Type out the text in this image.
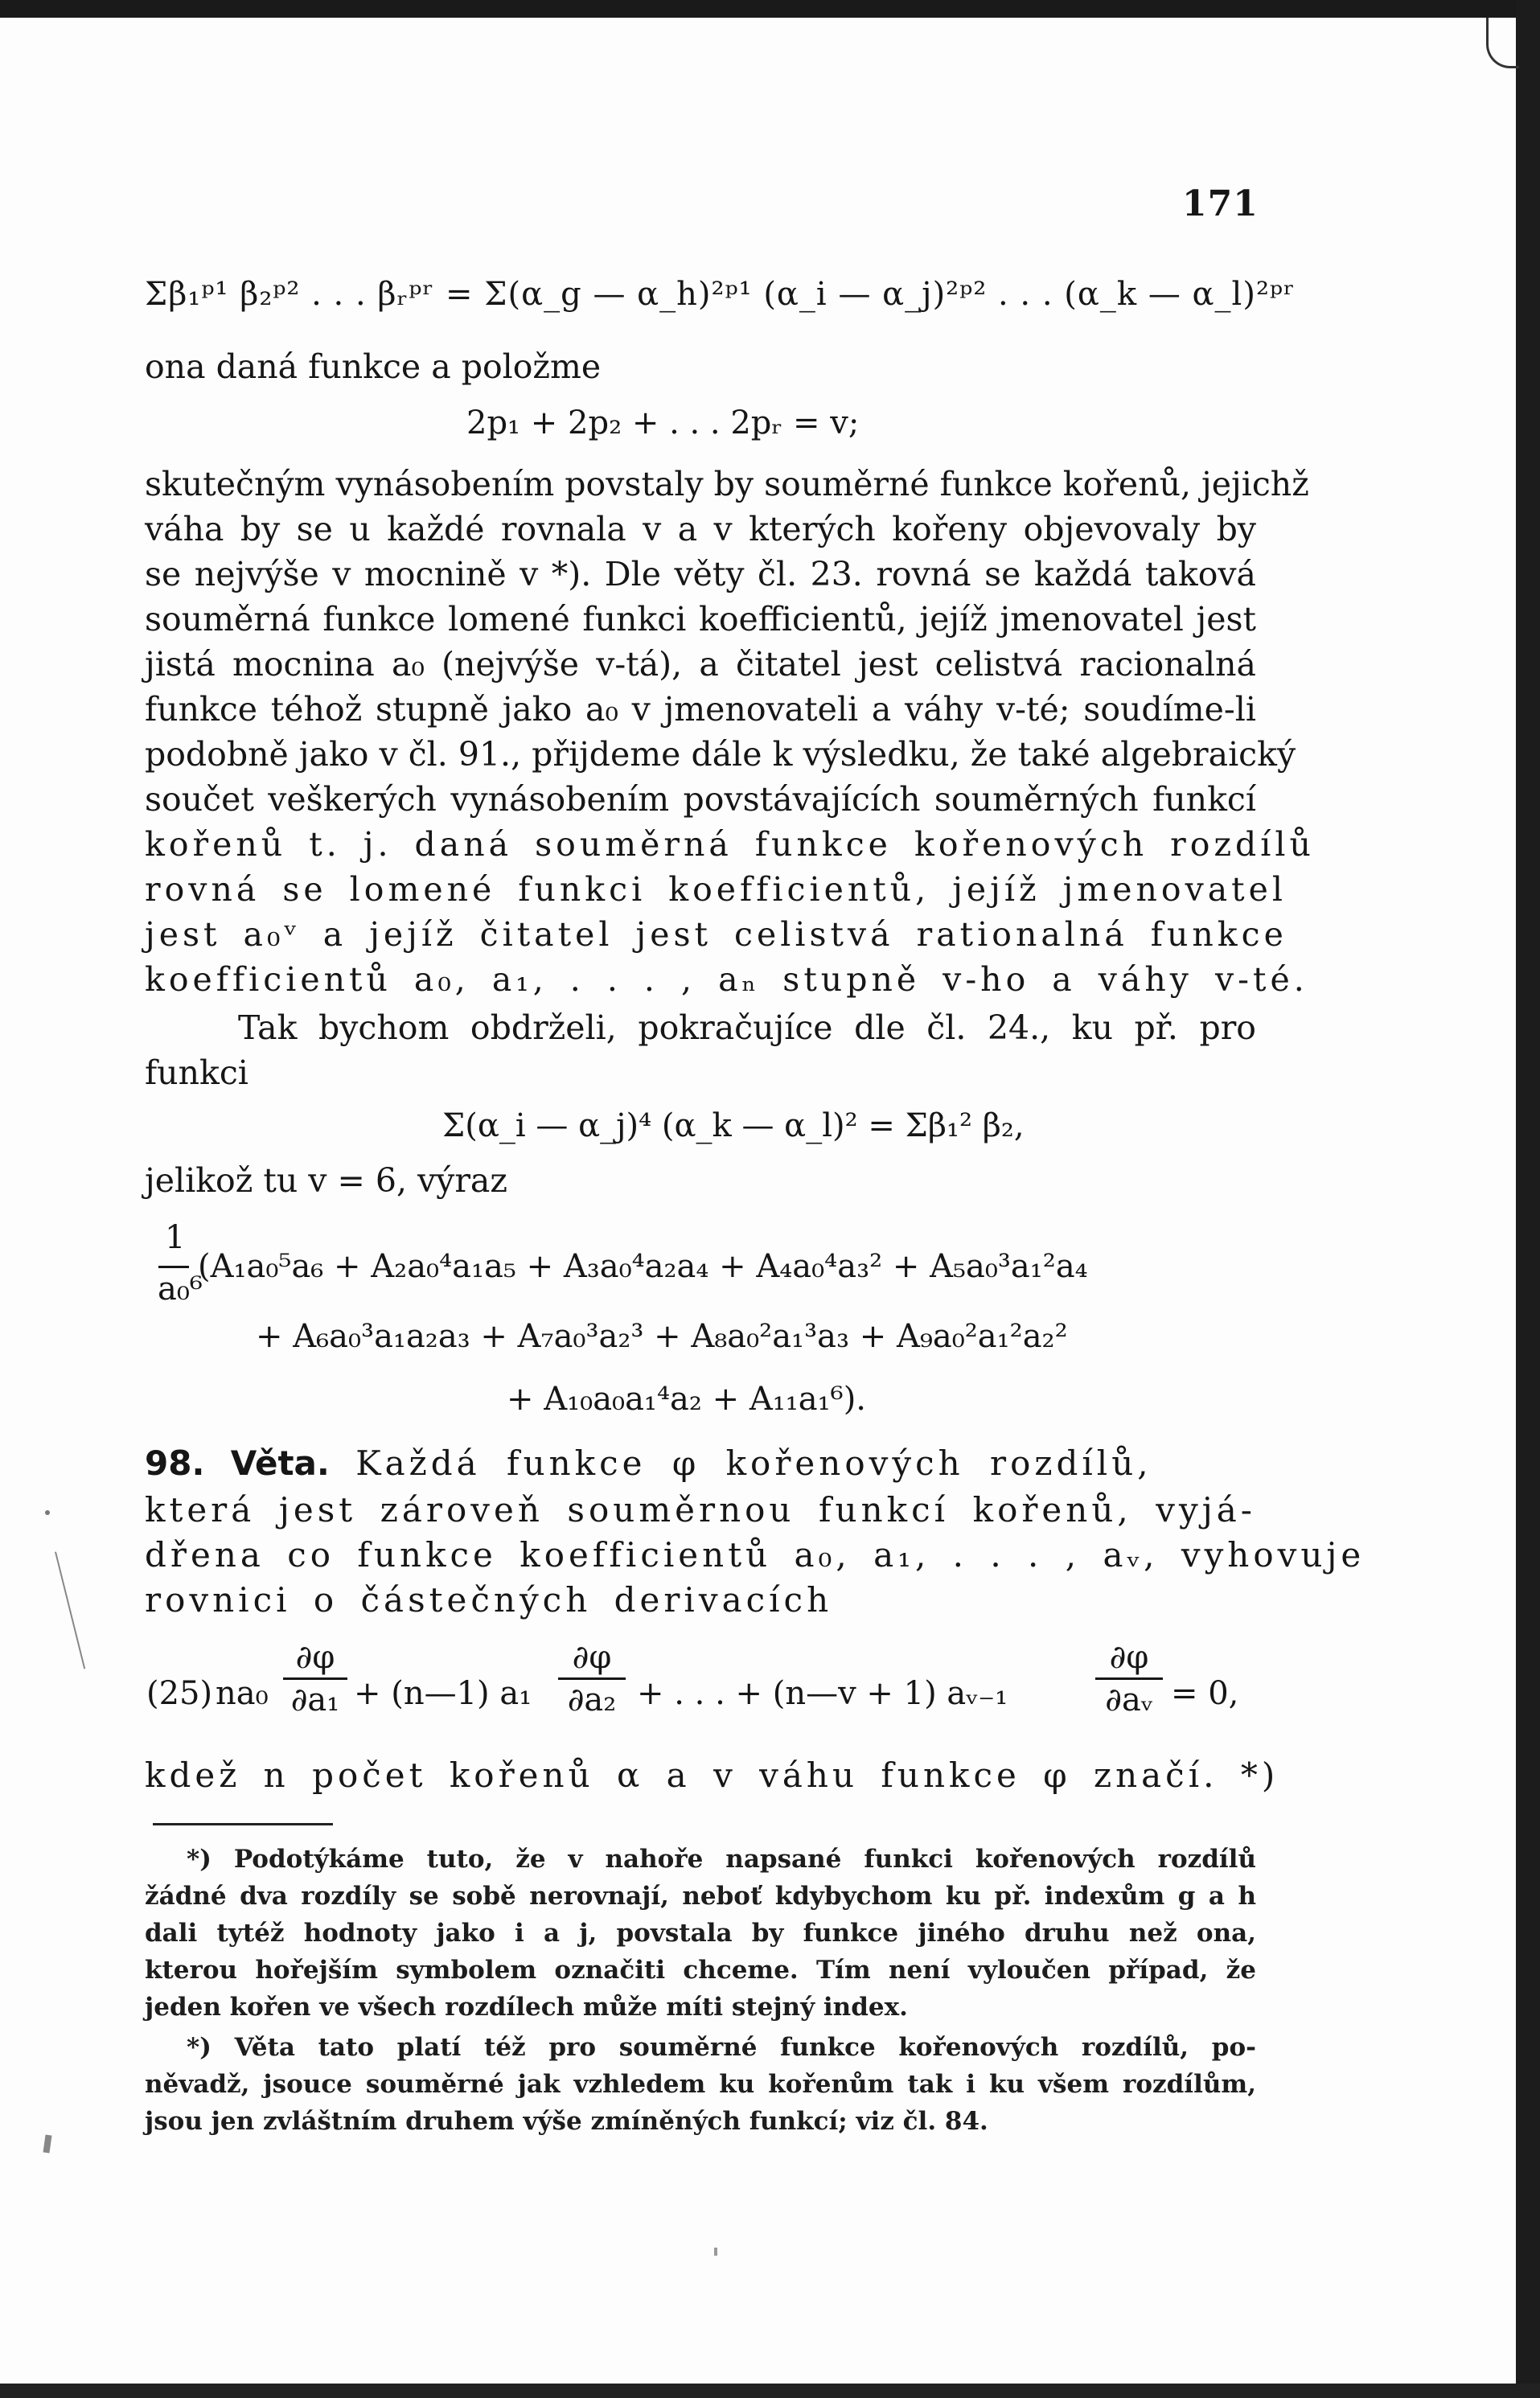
171
Σβ₁ᵖ¹ β₂ᵖ² . . . βᵣᵖʳ = Σ(α_g — α_h)²ᵖ¹ (α_i — α_j)²ᵖ² . . . (α_k — α_l)²ᵖʳ
ona daná funkce a položme
2p₁ + 2p₂ + . . . 2pᵣ = v;
skutečným vynásobením povstaly by souměrné funkce kořenů, jejichž
váha by se u každé rovnala v a v kterých kořeny objevovaly by
se nejvýše v mocnině v *). Dle věty čl. 23. rovná se každá taková
souměrná funkce lomené funkci koefficientů, jejíž jmenovatel jest
jistá mocnina a₀ (nejvýše v-tá), a čitatel jest celistvá racionalná
funkce téhož stupně jako a₀ v jmenovateli a váhy v-té; soudíme-li
podobně jako v čl. 91., přijdeme dále k výsledku, že také algebraický
součet veškerých vynásobením povstávajících souměrných funkcí
kořenů t. j. daná souměrná funkce kořenových rozdílů
rovná se lomené funkci koefficientů, jejíž jmenovatel
jest a₀ᵛ a jejíž čitatel jest celistvá rationalná funkce
koefficientů a₀, a₁, . . . , aₙ stupně v-ho a váhy v-té.
Tak bychom obdrželi, pokračujíce dle čl. 24., ku př. pro
funkci
Σ(α_i — α_j)⁴ (α_k — α_l)² = Σβ₁² β₂,
jelikož tu v = 6, výraz
1
a₀⁶
(A₁a₀⁵a₆ + A₂a₀⁴a₁a₅ + A₃a₀⁴a₂a₄ + A₄a₀⁴a₃² + A₅a₀³a₁²a₄
+ A₆a₀³a₁a₂a₃ + A₇a₀³a₂³ + A₈a₀²a₁³a₃ + A₉a₀²a₁²a₂²
+ A₁₀a₀a₁⁴a₂ + A₁₁a₁⁶).
98. Věta. Každá funkce φ kořenových rozdílů,
která jest zároveň souměrnou funkcí kořenů, vyjá-
dřena co funkce koefficientů a₀, a₁, . . . , aᵥ, vyhovuje
rovnici o částečných derivacích
(25) na₀
∂φ
∂a₁ + (n—1) a₁
∂φ
∂a₂ + . . . + (n—v + 1) aᵥ₋₁
∂φ
∂aᵥ = 0,
kdež n počet kořenů α a v váhu funkce φ značí. *)
*) Podotýkáme tuto, že v nahoře napsané funkci kořenových rozdílů
žádné dva rozdíly se sobě nerovnají, neboť kdybychom ku př. indexům g a h
dali tytéž hodnoty jako i a j, povstala by funkce jiného druhu než ona,
kterou hořejším symbolem označiti chceme. Tím není vyloučen případ, že
jeden kořen ve všech rozdílech může míti stejný index.
*) Věta tato platí též pro souměrné funkce kořenových rozdílů, po-
něvadž, jsouce souměrné jak vzhledem ku kořenům tak i ku všem rozdílům,
jsou jen zvláštním druhem výše zmíněných funkcí; viz čl. 84.
